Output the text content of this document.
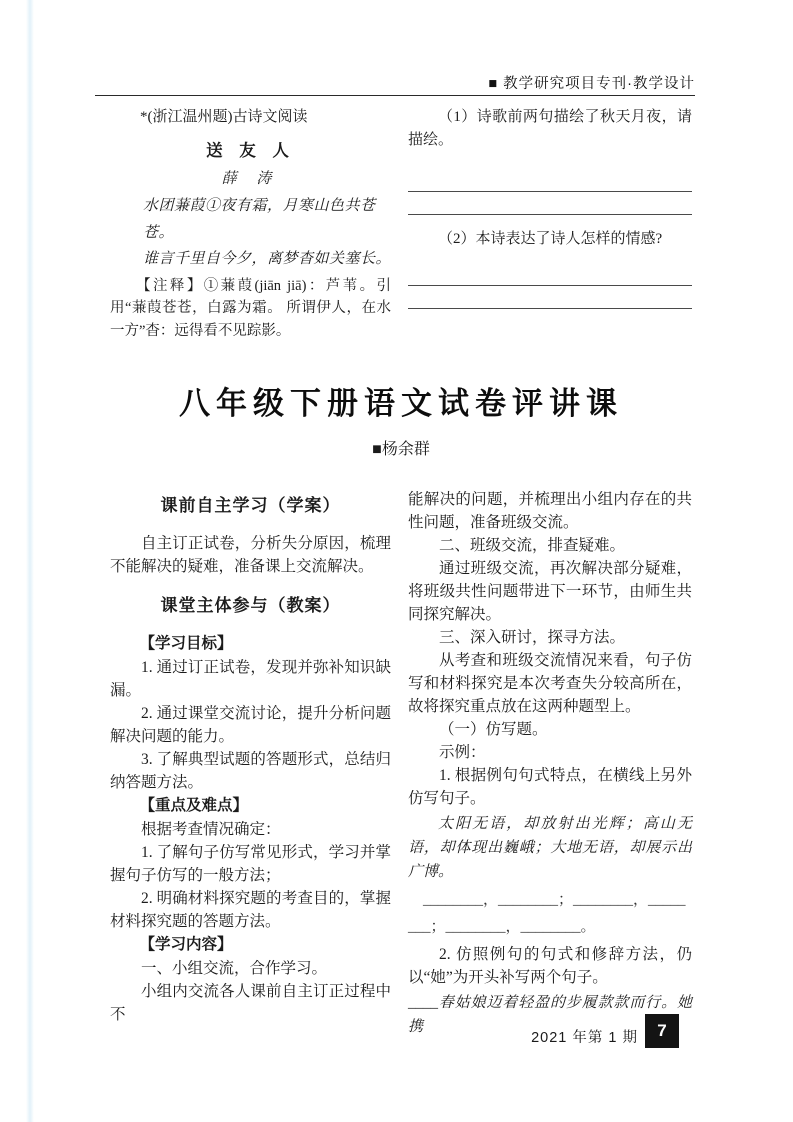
■ 教学研究项目专刊·教学设计
*(浙江温州题)古诗文阅读
送 友 人
薛 涛
水团蒹葭①夜有霜，月寒山色共苍苍。
谁言千里自今夕，离梦杳如关塞长。
【注释】①蒹葭(jiān jiā)：芦苇。引用“蒹葭苍苍，白露为霜。 所谓伊人，在水一方”杳：远得看不见踪影。
（1）诗歌前两句描绘了秋天月夜，请描绘。
（2）本诗表达了诗人怎样的情感?
八年级下册语文试卷评讲课
■杨余群
课前自主学习（学案）

自主订正试卷，分析失分原因，梳理不能解决的疑难，准备课上交流解决。

课堂主体参与（教案）
【学习目标】

1. 通过订正试卷，发现并弥补知识缺漏。

2. 通过课堂交流讨论，提升分析问题解决问题的能力。

3. 了解典型试题的答题形式，总结归纳答题方法。

【重点及难点】

根据考查情况确定：

1. 了解句子仿写常见形式，学习并掌握句子仿写的一般方法；

2. 明确材料探究题的考查目的，掌握材料探究题的答题方法。

【学习内容】

一、小组交流，合作学习。

小组内交流各人课前自主订正过程中不

能解决的问题，并梳理出小组内存在的共性问题，准备班级交流。

二、班级交流，排查疑难。

通过班级交流，再次解决部分疑难，将班级共性问题带进下一环节，由师生共同探究解决。

三、深入研讨，探寻方法。

从考查和班级交流情况来看，句子仿写和材料探究是本次考查失分较高所在，故将探究重点放在这两种题型上。

（一）仿写题。

示例：

1. 根据例句句式特点，在横线上另外仿写句子。

太阳无语，却放射出光辉；高山无语，却体现出巍峨；大地无语，却展示出广博。

________，________；________，________；________，________。

2. 仿照例句的句式和修辞方法，仍以“她”为开头补写两个句子。

____春姑娘迈着轻盈的步履款款而行。她携

2021 年第 1 期 7
